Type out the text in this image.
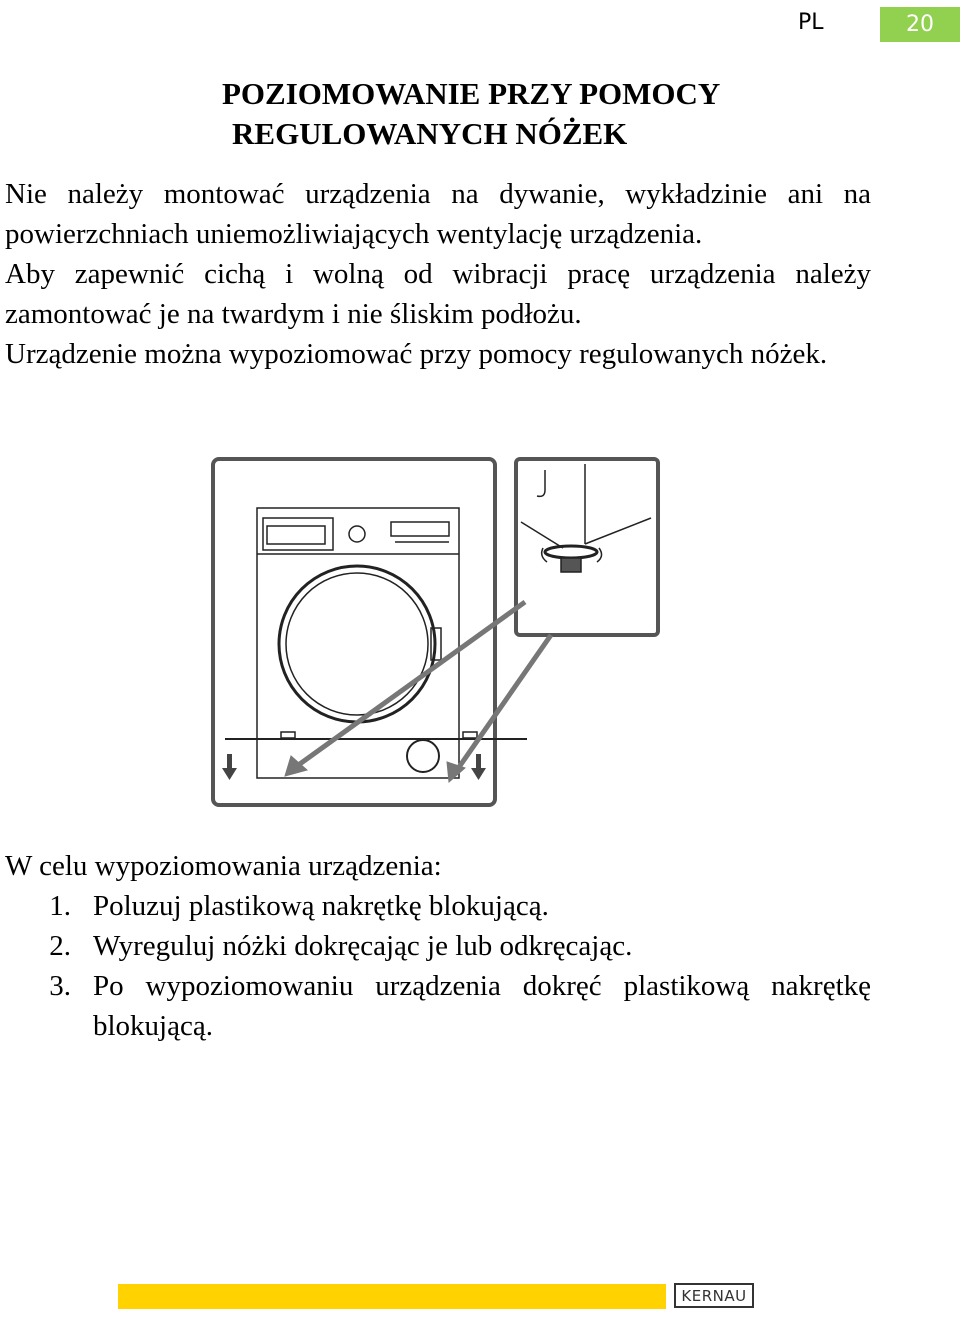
PL	20
POZIOMOWANIE PRZY POMOCY
REGULOWANYCH NÓŻEK

Nie należy montować urządzenia na dywanie, wykładzinie ani na powierzchniach uniemożliwiających wentylację urządzenia.

Aby zapewnić cichą i wolną od wibracji pracę urządzenia należy zamontować je na twardym i nie śliskim podłożu.

Urządzenie można wypoziomować przy pomocy regulowanych nóżek.

W celu wypoziomowania urządzenia:
1. Poluzuj plastikową nakrętkę blokującą.
2. Wyreguluj nóżki dokręcając je lub odkręcając.
3. Po wypoziomowaniu urządzenia dokręć plastikową nakrętkę blokującą.
KERNAU
